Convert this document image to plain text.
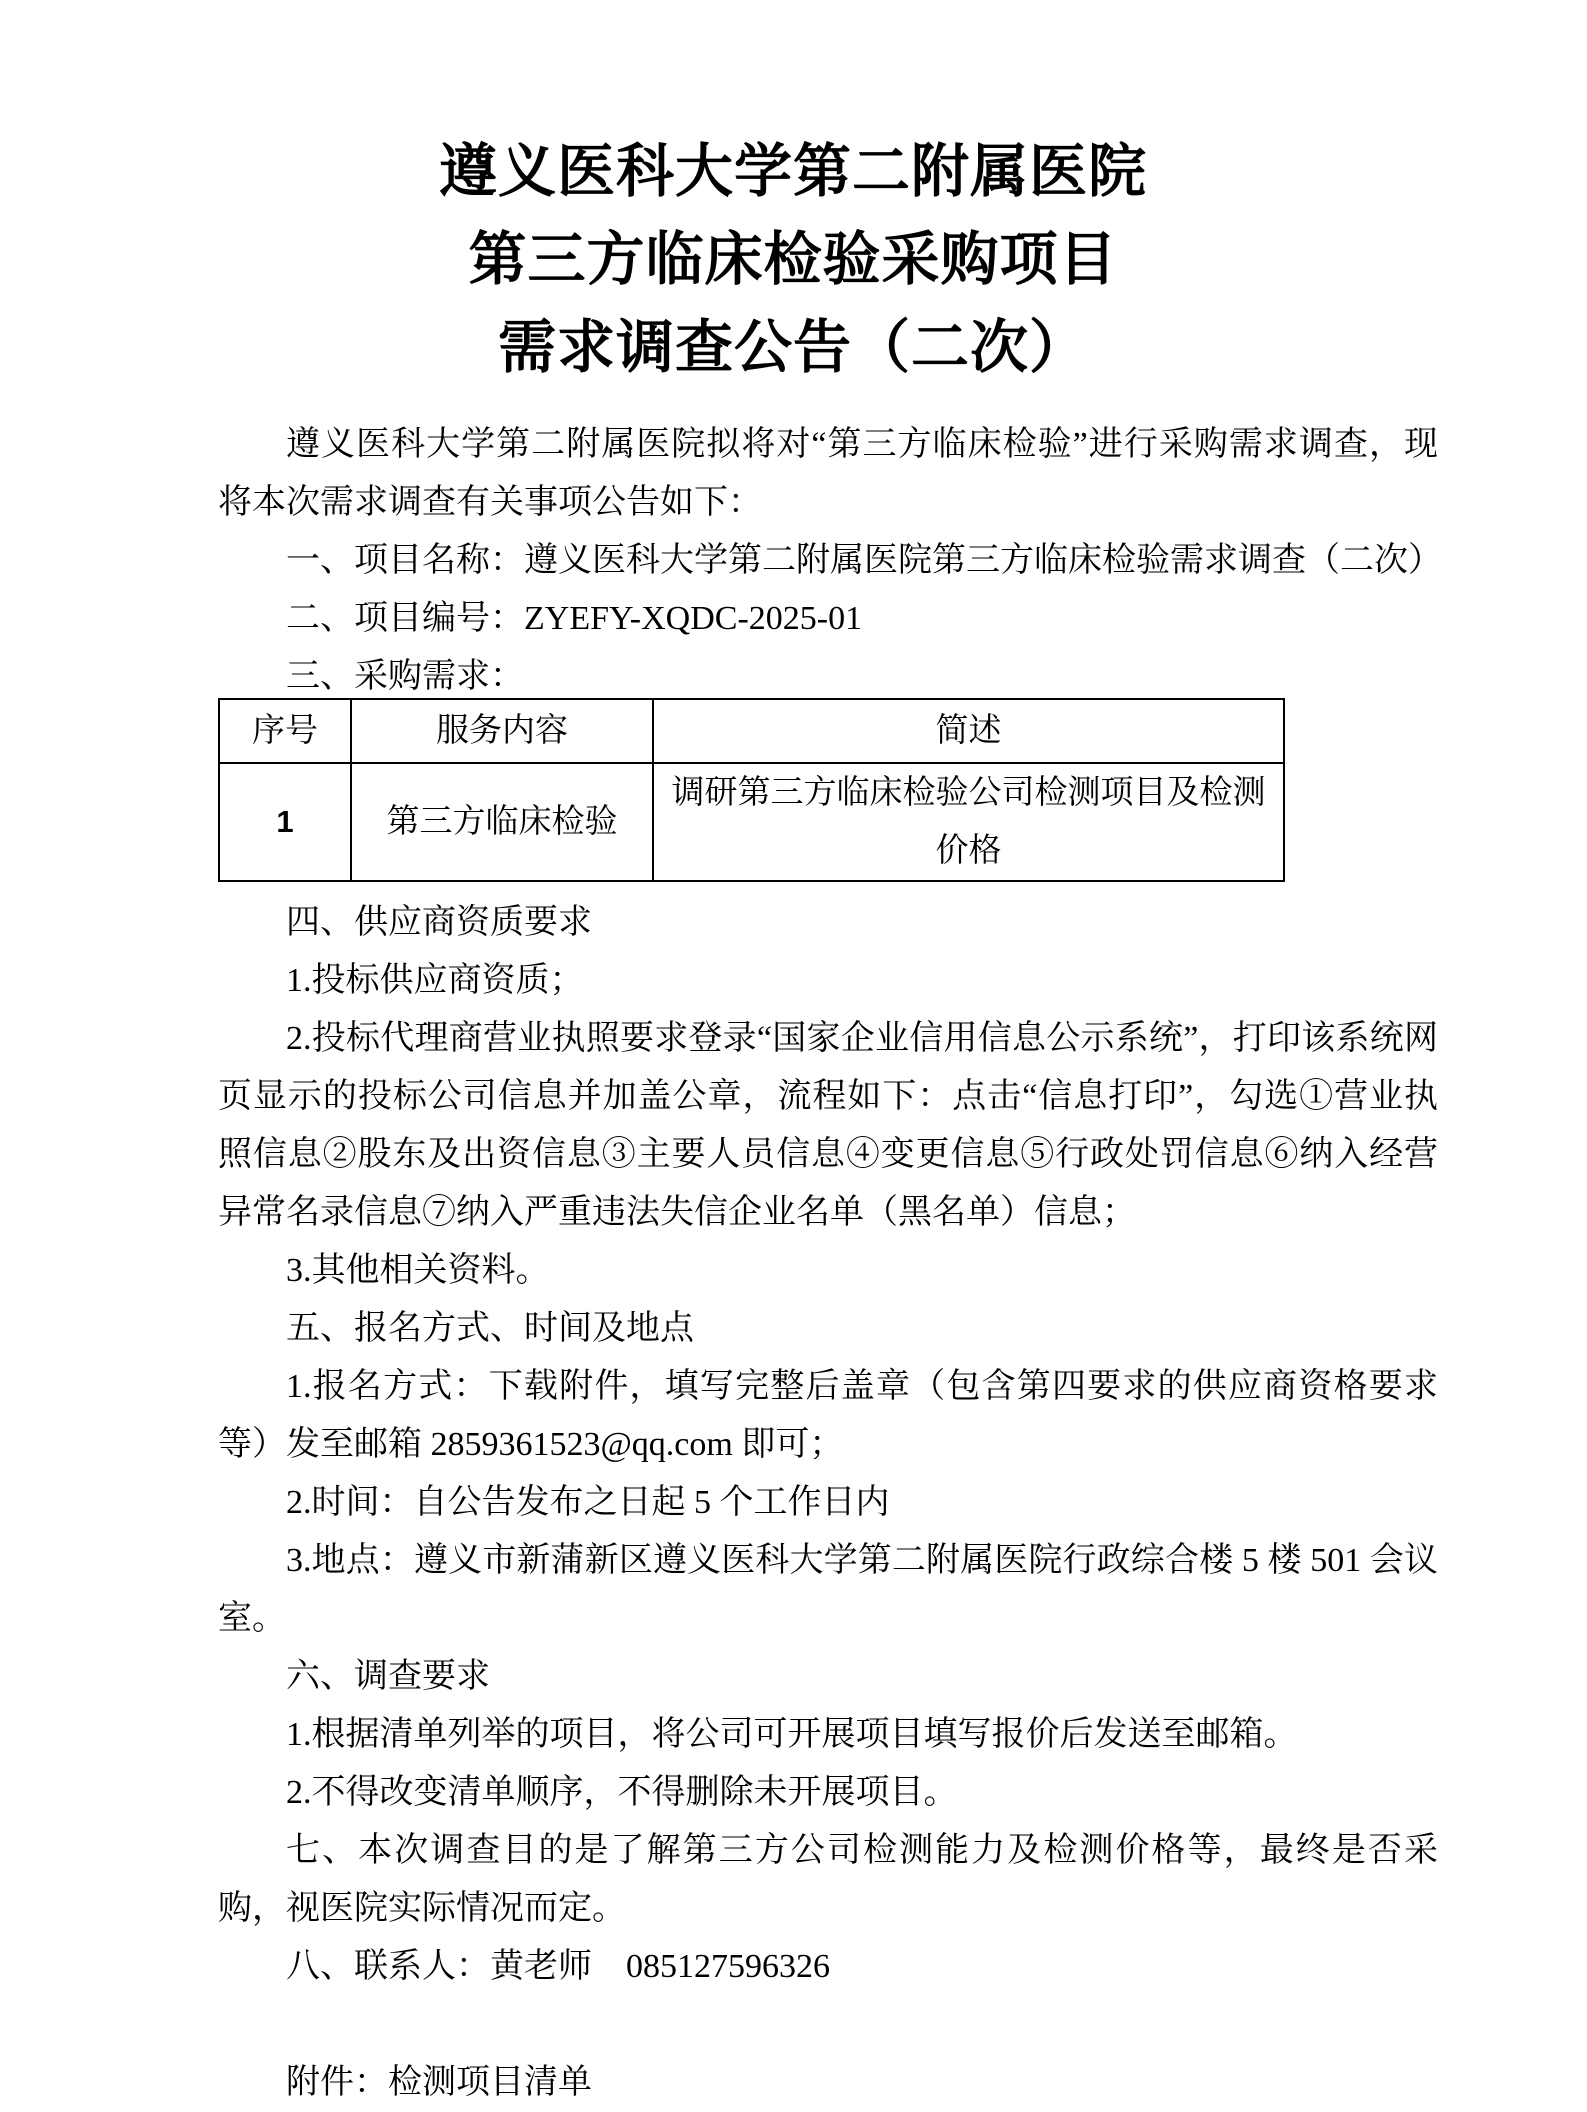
遵义医科大学第二附属医院
第三方临床检验采购项目
需求调查公告（二次）

遵义医科大学第二附属医院拟将对“第三方临床检验”进行采购需求调查，现将本次需求调查有关事项公告如下：

一、项目名称：遵义医科大学第二附属医院第三方临床检验需求调查（二次）

二、项目编号：ZYEFY-XQDC-2025-01

三、采购需求：

序号	服务内容	简述
1	第三方临床检验	调研第三方临床检验公司检测项目及检测价格

四、供应商资质要求

1.投标供应商资质；

2.投标代理商营业执照要求登录“国家企业信用信息公示系统”，打印该系统网页显示的投标公司信息并加盖公章，流程如下：点击“信息打印”，勾选①营业执照信息②股东及出资信息③主要人员信息④变更信息⑤行政处罚信息⑥纳入经营异常名录信息⑦纳入严重违法失信企业名单（黑名单）信息；

3.其他相关资料。

五、报名方式、时间及地点

1.报名方式：下载附件，填写完整后盖章（包含第四要求的供应商资格要求等）发至邮箱 2859361523@qq.com 即可；

2.时间：自公告发布之日起 5 个工作日内

3.地点：遵义市新蒲新区遵义医科大学第二附属医院行政综合楼 5 楼 501 会议室。

六、调查要求

1.根据清单列举的项目，将公司可开展项目填写报价后发送至邮箱。

2.不得改变清单顺序，不得删除未开展项目。

七、本次调查目的是了解第三方公司检测能力及检测价格等，最终是否采购，视医院实际情况而定。

八、联系人：黄老师　085127596326

附件：检测项目清单
